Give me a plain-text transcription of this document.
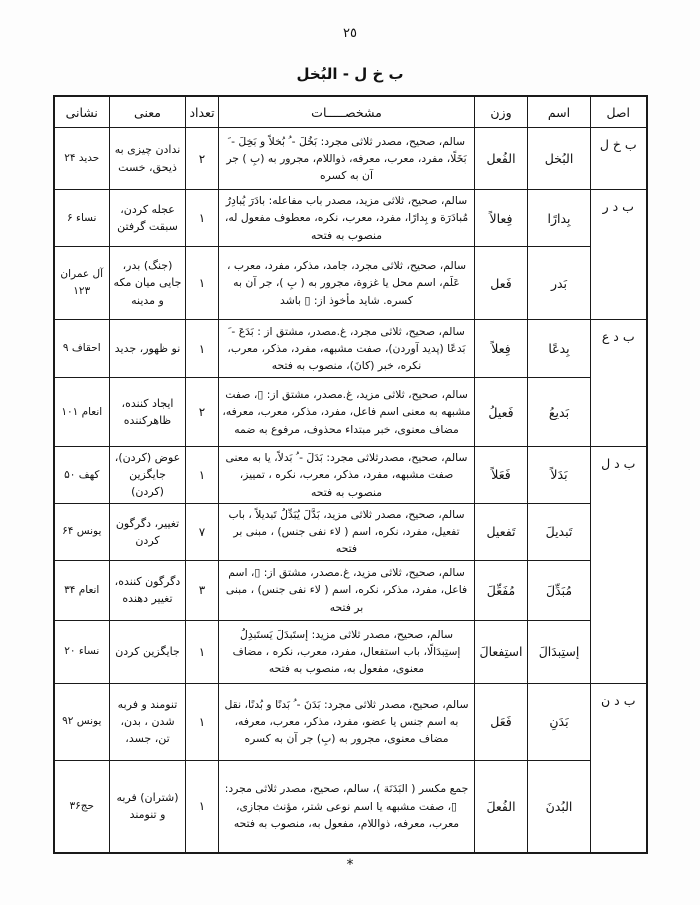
٢٥
ب خ ل - البُخل
اصل	اسم	وزن	مشخصـــــات	تعداد	معنی	نشانی
ب خ ل	البُخل	الفُعل	سالم، صحیح، مصدر ثلاثی مجرد: بَخُلَ - ُ بُخلاً و بَخِلَ - َ بَخَلًا، مفرد، معرب، معرفه، ذواللام، مجرور به (بِ ) جر آن به کسره	٢	ندادن چیزی به ذیحق، خست	حدید ٢۴
ب د ر	بِدارًا	فِعالاً	سالم، صحیح، ثلاثی مزید، مصدر باب مفاعله: بادَرَ یُبادِرُ مُبادَرَة و بِدارًا، مفرد، معرب، نکره، معطوف مفعول له، منصوب به فتحه	١	عجله کردن، سبقت گرفتن	نساء ۶
	بَدر	فَعل	سالم، صحیح، ثلاثی مجرد، جامد، مذکر، مفرد، معرب ، عَلَم، اسم محل یا غزوة، مجرور به ( بِ )، جر آن به کسره. شاید مأخوذ از: ▯ باشد	١	(جنگ) بدر، جایی میان مکه و مدینه	آل عمران ١٢٣
ب د ع	بِدعًا	فِعلاً	سالم، صحیح، ثلاثی مجرد، غ.مصدر، مشتق از : بَدَعَ - َ بَدعًا (پدید آوردن)، صفت مشبهه، مفرد، مذکر، معرب، نکره، خبر (کانَ)، منصوب به فتحه	١	نو ظهور، جدید	احقاف ٩
	بَدیعُ	فَعیلُ	سالم، صحیح، ثلاثی مزید، غ.مصدر، مشتق از: ▯، صفت مشبهه به معنی اسم فاعل، مفرد، مذکر، معرب، معرفه، مضاف معنوی، خبر مبتداء محذوف، مرفوع به ضمه	٢	ایجاد کننده، ظاهرکننده	انعام ١٠١
ب د ل	بَدَلاً	فَعَلاً	سالم، صحیح، مصدرثلاثی مجرد: بَدَلَ - ُ بَدلاً، یا به معنی صفت مشبهه، مفرد، مذکر، معرب، نکره ، تمییز، منصوب به فتحه	١	عوض (کردن)، جایگزین (کردن)	کهف ۵٠
	تَبدیلَ	تَفعیل	سالم، صحیح، مصدر ثلاثی مزید، بَدَّلَ یُبَدِّلُ تَبدیلاً ، باب تفعیل، مفرد، نکره، اسم ( لاء نفی جنس) ، مبنی بر فتحه	٧	تغییر، دگرگون کردن	یونس ۶۴
	مُبَدِّلَ	مُفَعِّلَ	سالم، صحیح، ثلاثی مزید، غ.مصدر، مشتق از: ▯، اسم فاعل، مفرد، مذکر، نکره، اسم ( لاء نفی جنس) ، مبنی بر فتحه	٣	دگرگون کننده، تغییر دهنده	انعام ٣۴
	إستِبدَالَ	استِفعالَ	سالم، صحیح، مصدر ثلاثی مزید: إستَبدَلَ یَستَبدِلُ إستِبدَالًا، باب استفعال، مفرد، معرب، نکره ، مضاف معنوی، مفعول به، منصوب به فتحه	١	جایگزین کردن	نساء ٢٠
ب د ن	بَدَنِ	فَعَل	سالم، صحیح، مصدر ثلاثی مجرد: بَدَنَ - ُ بَدنًا و بُدنًا، نقل به اسم جنس یا عضو، مفرد، مذکر، معرب، معرفه، مضاف معنوی، مجرور به (بِ) جر آن به کسره	١	تنومند و فربه شدن ، بدن، تن، جسد،	یونس ٩٢
	البُدنَ	الفُعلَ	جمع مکسر ( البَدَنَة )، سالم، صحیح، مصدر ثلاثی مجرد: ▯، صفت مشبهه یا اسم نوعی شتر، مؤنث مجازی، معرب، معرفه، ذواللام، مفعول به، منصوب به فتحه	١	(شتران) فربه و تنومند	حج۳۶
*
